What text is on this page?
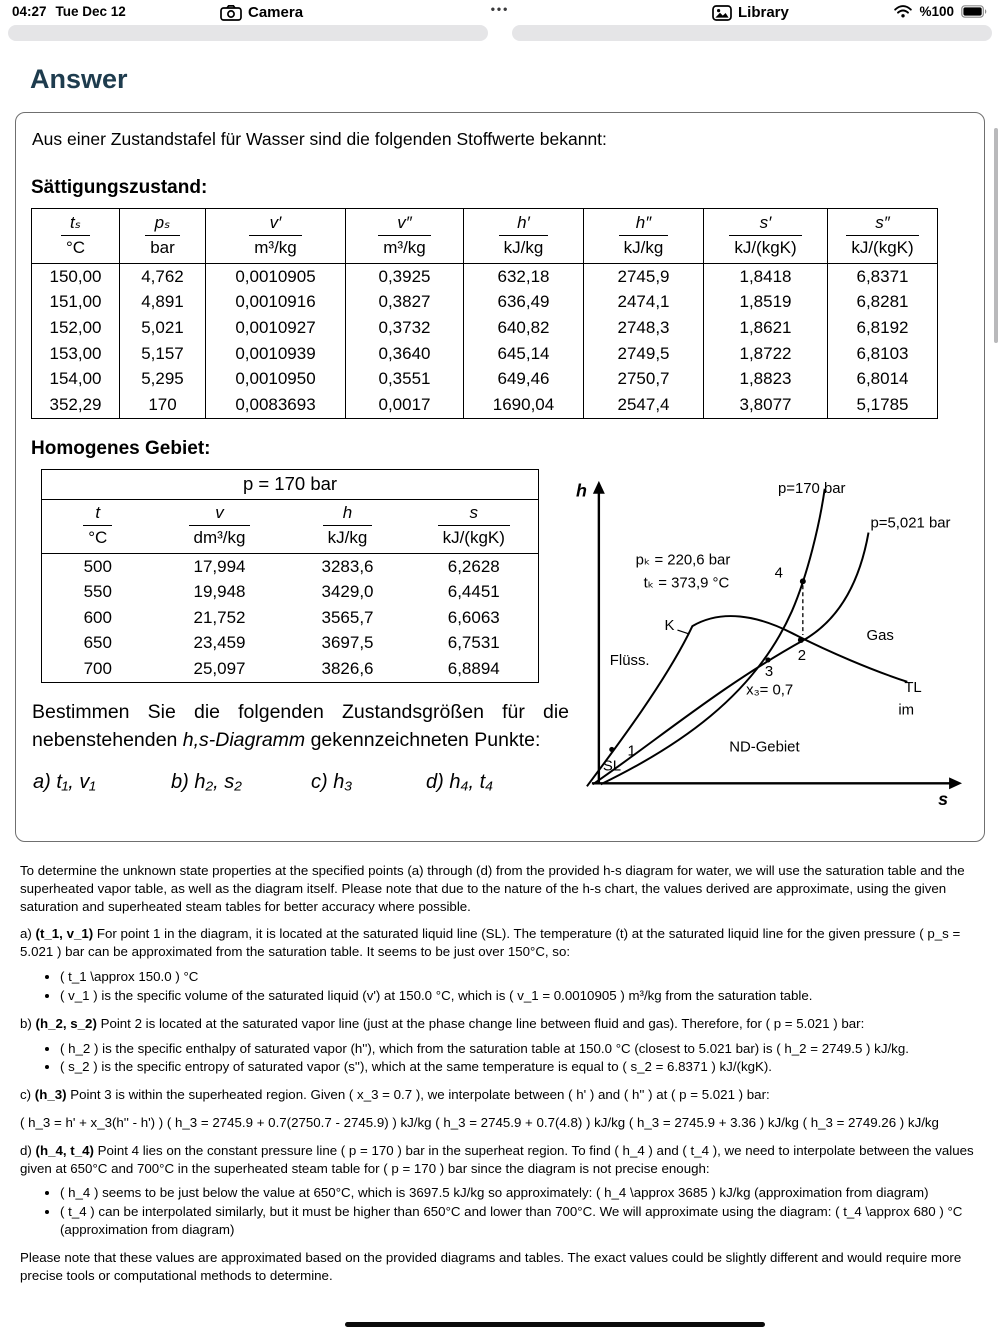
04:27 Tue Dec 12	Camera	•••	Library	%100
Answer

Aus einer Zustandstafel für Wasser sind die folgenden Stoffwerte bekannt:

Sättigungszustand:
$\frac{\text{tₛ}}{^\circ C}$	$\frac{\text{pₛ}}{\text{bar}}$	$\frac{v'}{\text{m³/kg}}$	$\frac{v''}{\text{m³/kg}}$	$\frac{h'}{kJ/kg}$	$\frac{h''}{kJ/kg}$	$\frac{s'}{\text{kJ/(kgK)}}$	$\frac{s''}{\text{kJ/(kgK)}}$

150,00	4,762	0,0010905	0,3925	632,18	2745,9	1,8418	6,8371
151,00	4,891	0,0010916	0,3827	636,49	2474,1	1,8519	6,8281
152,00	5,021	0,0010927	0,3732	640,82	2748,3	1,8621	6,8192
153,00	5,157	0,0010939	0,3640	645,14	2749,5	1,8722	6,8103
154,00	5,295	0,0010950	0,3551	649,46	2750,7	1,8823	6,8014
352,29	170	0,0083693	0,0017	1690,04	2547,4	3,8077	5,1785
Homogenes Gebiet:
p = 170 bar			

$\frac{t}{^\circ C}$	$\frac{v}{\text{dm³/kg}}$	$\frac{h}{kJ/kg}$	$\frac{s}{\text{kJ/(kgK)}}$

500	17,994	3283,6	6,2628
550	19,948	3429,0	6,4451
600	21,752	3565,7	6,6063
650	23,459	3697,5	6,7531
700	25,097	3826,6	6,8894

Bestimmen Sie die folgenden Zustandsgrößen für die nebenstehenden h,s-Diagramm gekennzeichneten Punkte:

a) t₁, v₁	b) h₂, s₂	c) h₃	d) h₄, t₄
h
s
p=170 bar
p=5,021 bar
pₖ = 220,6 bar
tₖ = 373,9 °C
K
4
2
3
x₃= 0,7
Gas
Flüss.
TL
im
ND-Gebiet
1
SL

To determine the unknown state properties at the specified points (a) through (d) from the provided h-s diagram for water, we will use the saturation table and the superheated vapor table, as well as the diagram itself. Please note that due to the nature of the h-s chart, the values derived are approximate, using the given saturation and superheated steam tables for better accuracy where possible.

a) (t_1, v_1) For point 1 in the diagram, it is located at the saturated liquid line (SL). The temperature (t) at the saturated liquid line for the given pressure ( p_s = 5.021 ) bar can be approximated from the saturation table. It seems to be just over 150°C, so:

• ( t_1 \approx 150.0 ) °C
• ( v_1 ) is the specific volume of the saturated liquid (v') at 150.0 °C, which is ( v_1 = 0.0010905 ) m³/kg from the saturation table.

b) (h_2, s_2) Point 2 is located at the saturated vapor line (just at the phase change line between fluid and gas). Therefore, for ( p = 5.021 ) bar:

• ( h_2 ) is the specific enthalpy of saturated vapor (h''), which from the saturation table at 150.0 °C (closest to 5.021 bar) is ( h_2 = 2749.5 ) kJ/kg.
• ( s_2 ) is the specific entropy of saturated vapor (s''), which at the same temperature is equal to ( s_2 = 6.8371 ) kJ/(kgK).

c) (h_3) Point 3 is within the superheated region. Given ( x_3 = 0.7 ), we interpolate between ( h' ) and ( h'' ) at ( p = 5.021 ) bar:

( h_3 = h' + x_3(h'' - h') ) ( h_3 = 2745.9 + 0.7(2750.7 - 2745.9) ) kJ/kg ( h_3 = 2745.9 + 0.7(4.8) ) kJ/kg ( h_3 = 2745.9 + 3.36 ) kJ/kg ( h_3 = 2749.26 ) kJ/kg

d) (h_4, t_4) Point 4 lies on the constant pressure line ( p = 170 ) bar in the superheat region. To find ( h_4 ) and ( t_4 ), we need to interpolate between the values given at 650°C and 700°C in the superheated steam table for ( p = 170 ) bar since the diagram is not precise enough:

• ( h_4 ) seems to be just below the value at 650°C, which is 3697.5 kJ/kg so approximately: ( h_4 \approx 3685 ) kJ/kg (approximation from diagram)
• ( t_4 ) can be interpolated similarly, but it must be higher than 650°C and lower than 700°C. We will approximate using the diagram: ( t_4 \approx 680 ) °C (approximation from diagram)

Please note that these values are approximated based on the provided diagrams and tables. The exact values could be slightly different and would require more precise tools or computational methods to determine.
